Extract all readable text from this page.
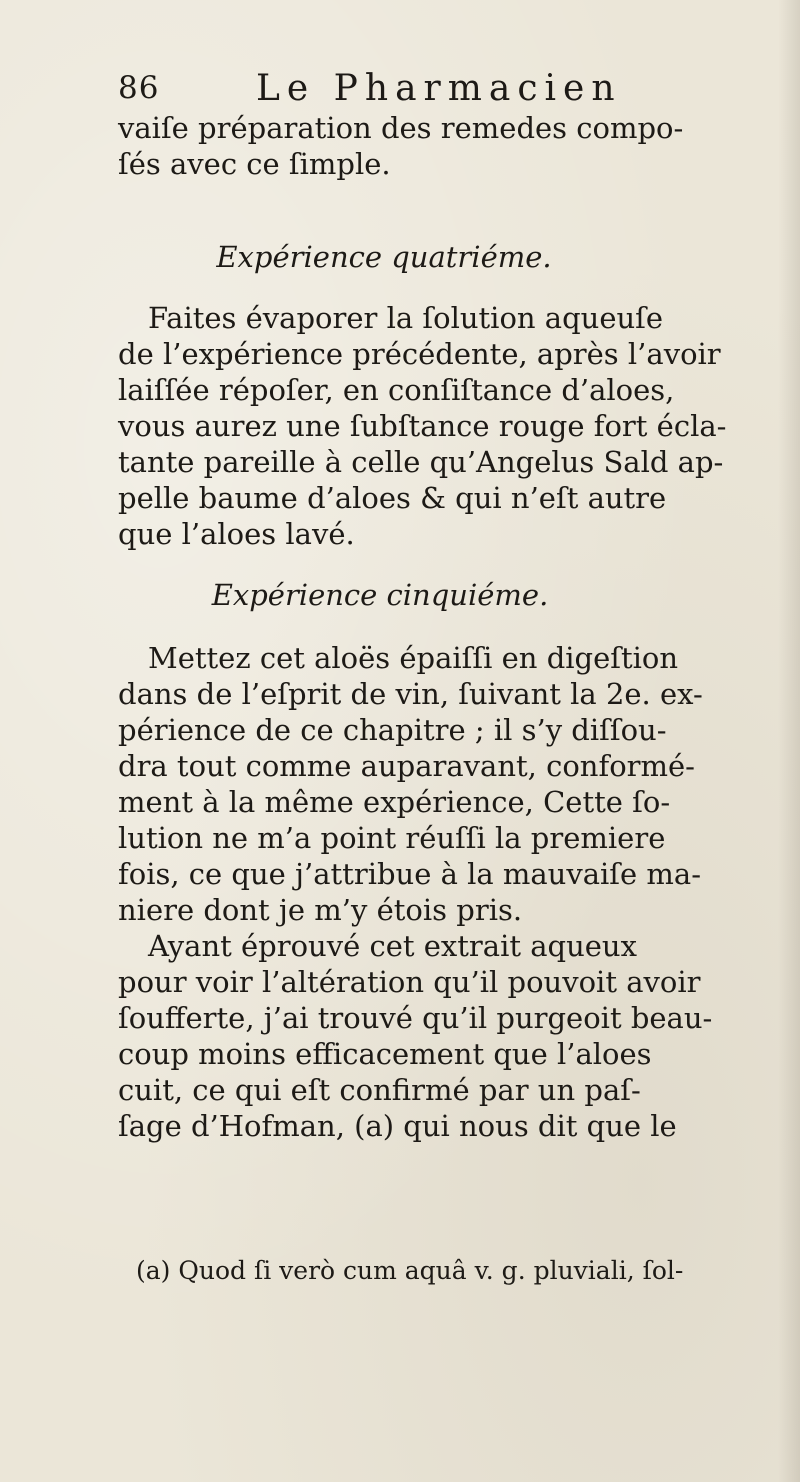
86	Le Pharmacien
vaiſe préparation des remedes compo-
ſés avec ce ſimple.
Expérience quatriéme.
Faites évaporer la ſolution aqueuſe
de l’expérience précédente, après l’avoir
laiſſée répoſer, en conſiſtance d’aloes,
vous aurez une ſubſtance rouge fort écla-
tante pareille à celle qu’Angelus Sald ap-
pelle baume d’aloes & qui n’eſt autre
que l’aloes lavé.
Expérience cinquiéme.
Mettez cet aloës épaiſſi en digeſtion
dans de l’eſprit de vin, ſuivant la 2e. ex-
périence de ce chapitre ; il s’y diſſou-
dra tout comme auparavant, conformé-
ment à la même expérience, Cette ſo-
lution ne m’a point réuſſi la premiere
fois, ce que j’attribue à la mauvaiſe ma-
niere dont je m’y étois pris.
Ayant éprouvé cet extrait aqueux
pour voir l’altération qu’il pouvoit avoir
ſoufferte, j’ai trouvé qu’il purgeoit beau-
coup moins efficacement que l’aloes
cuit, ce qui eſt confirmé par un paſ-
ſage d’Hofman, (a) qui nous dit que le
(a) Quod ſi verò cum aquâ v. g. pluviali, ſol-
